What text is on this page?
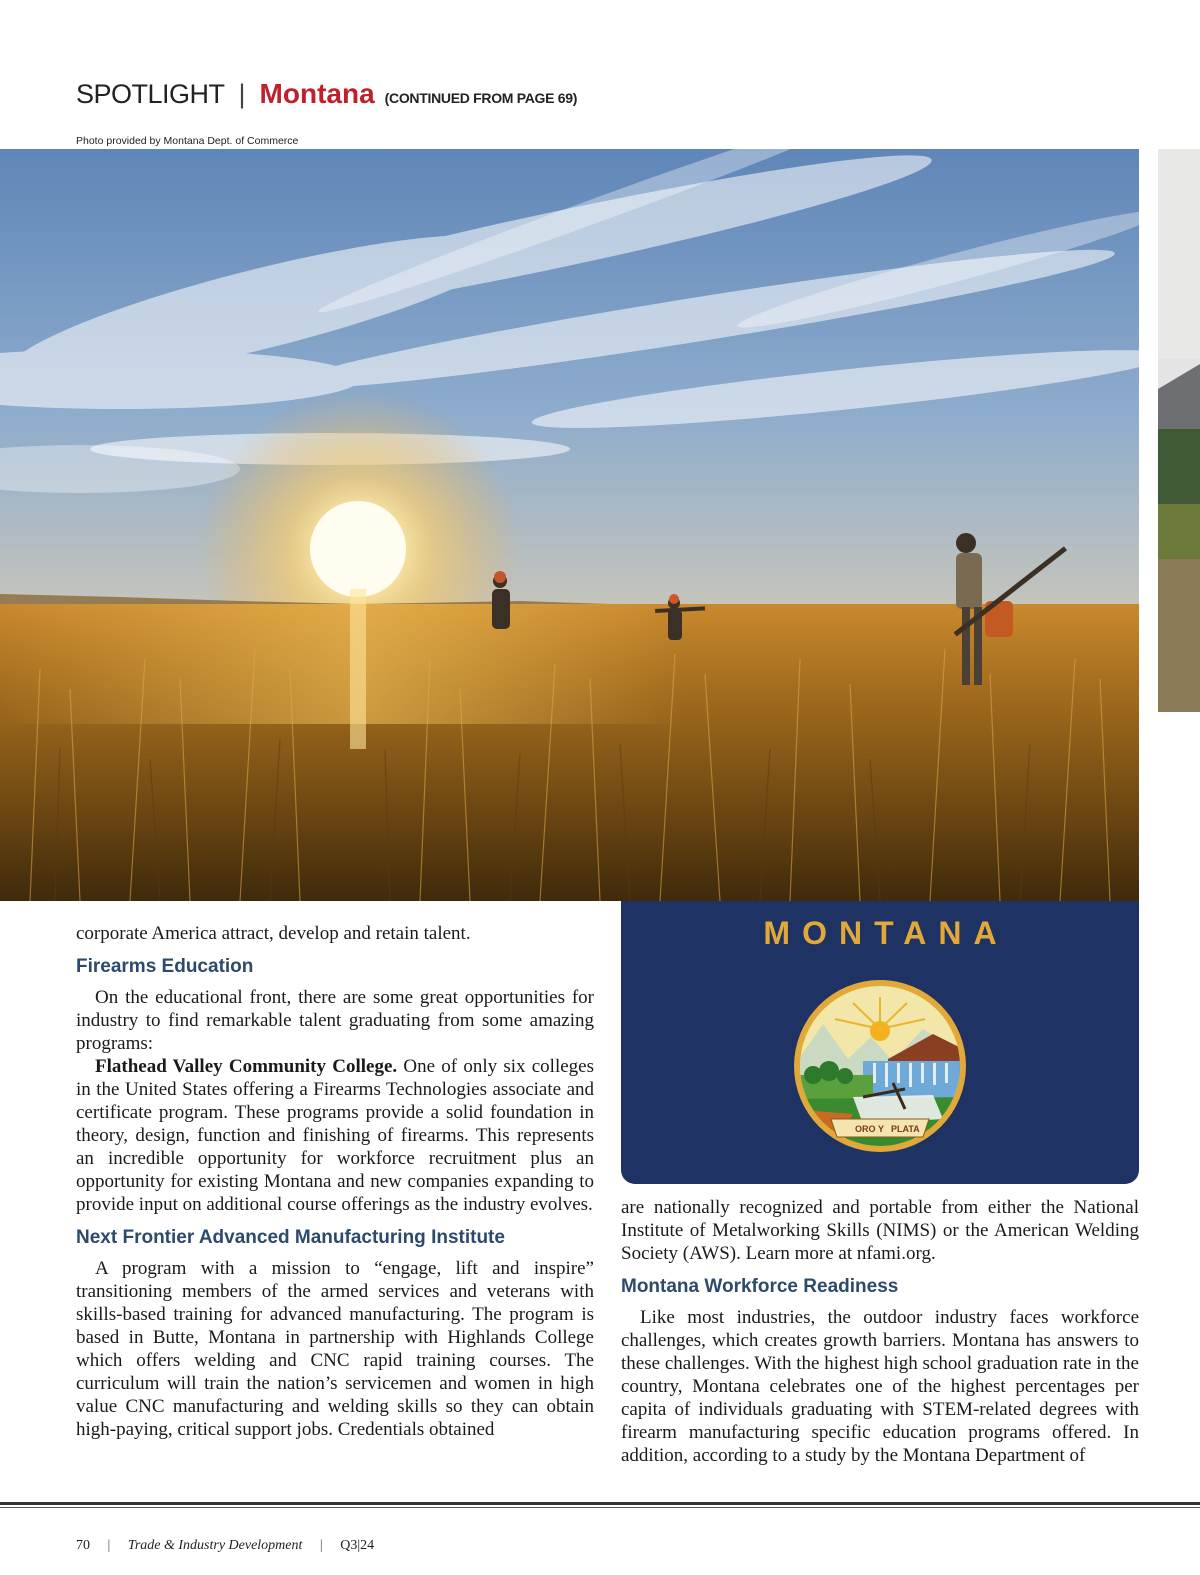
SPOTLIGHT | Montana (CONTINUED FROM PAGE 69)
Photo provided by Montana Dept. of Commerce

corporate America attract, develop and retain talent.

Firearms Education

On the educational front, there are some great opportunities for industry to find remarkable talent graduating from some amazing programs:

Flathead Valley Community College. One of only six colleges in the United States offering a Firearms Technologies associate and certificate program. These programs provide a solid foundation in theory, design, function and finishing of firearms. This represents an incredible opportunity for workforce recruitment plus an opportunity for existing Montana and new companies expanding to provide input on additional course offerings as the industry evolves.

Next Frontier Advanced Manufacturing Institute

A program with a mission to “engage, lift and inspire” transitioning members of the armed services and veterans with skills-based training for advanced manufacturing. The program is based in Butte, Montana in partnership with Highlands College which offers welding and CNC rapid training courses. The curriculum will train the nation’s servicemen and women in high value CNC manufacturing and welding skills so they can obtain high-paying, critical support jobs. Credentials obtained

MONTANA
ORO Y PLATA

are nationally recognized and portable from either the National Institute of Metalworking Skills (NIMS) or the American Welding Society (AWS). Learn more at nfami.org.

Montana Workforce Readiness

Like most industries, the outdoor industry faces workforce challenges, which creates growth barriers. Montana has answers to these challenges. With the highest high school graduation rate in the country, Montana celebrates one of the highest percentages per capita of individuals graduating with STEM-related degrees with firearm manufacturing specific education programs offered. In addition, according to a study by the Montana Department of

70 | Trade & Industry Development | Q3|24
